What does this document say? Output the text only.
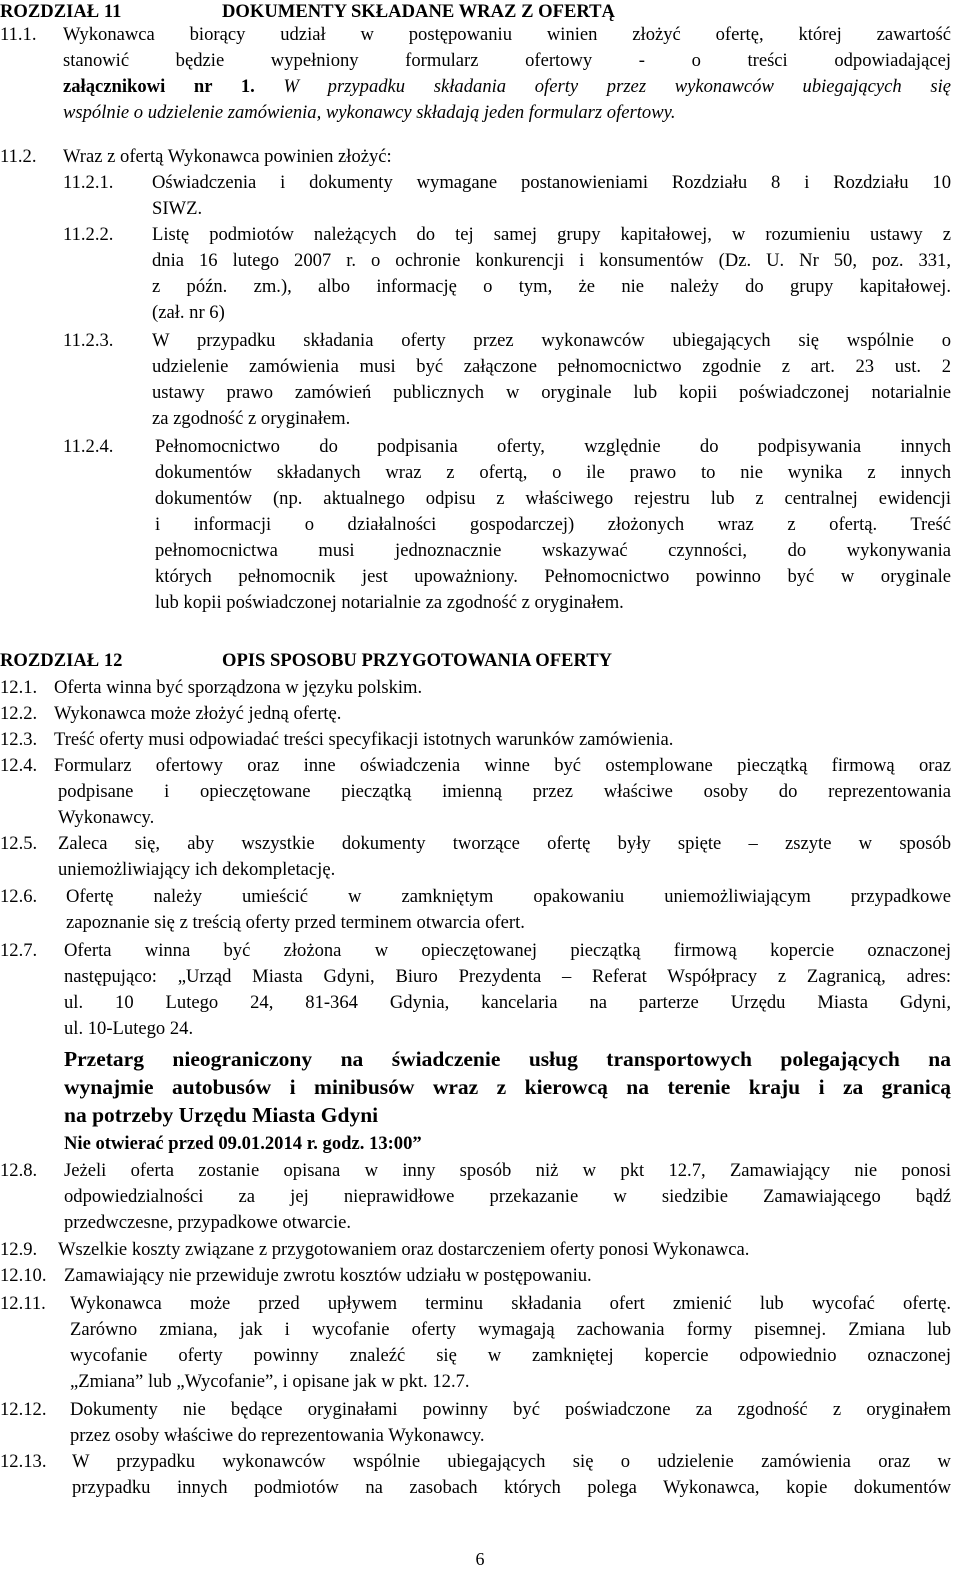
ROZDZIAŁ 11	DOKUMENTY SKŁADANE WRAZ Z OFERTĄ
11.1. Wykonawca biorący udział w postępowaniu winien złożyć ofertę, której zawartość
stanowić będzie wypełniony formularz ofertowy - o treści odpowiadającej
załącznikowi nr 1. W przypadku składania oferty przez wykonawców ubiegających się
wspólnie o udzielenie zamówienia, wykonawcy składają jeden formularz ofertowy.
11.2. Wraz z ofertą Wykonawca powinien złożyć:
11.2.1. Oświadczenia i dokumenty wymagane postanowieniami Rozdziału 8 i Rozdziału 10
SIWZ.
11.2.2. Listę podmiotów należących do tej samej grupy kapitałowej, w rozumieniu ustawy z
dnia 16 lutego 2007 r. o ochronie konkurencji i konsumentów (Dz. U. Nr 50, poz. 331,
z późn. zm.), albo informację o tym, że nie należy do grupy kapitałowej.
(zał. nr 6)
11.2.3. W przypadku składania oferty przez wykonawców ubiegających się wspólnie o
udzielenie zamówienia musi być załączone pełnomocnictwo zgodnie z art. 23 ust. 2
ustawy prawo zamówień publicznych w oryginale lub kopii poświadczonej notarialnie
za zgodność z oryginałem.
11.2.4. Pełnomocnictwo do podpisania oferty, względnie do podpisywania innych
dokumentów składanych wraz z ofertą, o ile prawo to nie wynika z innych
dokumentów (np. aktualnego odpisu z właściwego rejestru lub z centralnej ewidencji
i informacji o działalności gospodarczej) złożonych wraz z ofertą. Treść
pełnomocnictwa musi jednoznacznie wskazywać czynności, do wykonywania
których pełnomocnik jest upoważniony. Pełnomocnictwo powinno być w oryginale
lub kopii poświadczonej notarialnie za zgodność z oryginałem.
ROZDZIAŁ 12	OPIS SPOSOBU PRZYGOTOWANIA OFERTY
12.1. Oferta winna być sporządzona w języku polskim.
12.2. Wykonawca może złożyć jedną ofertę.
12.3. Treść oferty musi odpowiadać treści specyfikacji istotnych warunków zamówienia.
12.4. Formularz ofertowy oraz inne oświadczenia winne być ostemplowane pieczątką firmową oraz
podpisane i opieczętowane pieczątką imienną przez właściwe osoby do reprezentowania
Wykonawcy.
12.5. Zaleca się, aby wszystkie dokumenty tworzące ofertę były spięte – zszyte w sposób
uniemożliwiający ich dekompletację.
12.6. Ofertę należy umieścić w zamkniętym opakowaniu uniemożliwiającym przypadkowe
zapoznanie się z treścią oferty przed terminem otwarcia ofert.
12.7. Oferta winna być złożona w opieczętowanej pieczątką firmową kopercie oznaczonej
następująco: „Urząd Miasta Gdyni, Biuro Prezydenta – Referat Współpracy z Zagranicą, adres:
ul. 10 Lutego 24, 81-364 Gdynia, kancelaria na parterze Urzędu Miasta Gdyni,
ul. 10-Lutego 24.
Przetarg nieograniczony na świadczenie usług transportowych polegających na
wynajmie autobusów i minibusów wraz z kierowcą na terenie kraju i za granicą
na potrzeby Urzędu Miasta Gdyni
Nie otwierać przed 09.01.2014 r. godz. 13:00”
12.8. Jeżeli oferta zostanie opisana w inny sposób niż w pkt 12.7, Zamawiający nie ponosi
odpowiedzialności za jej nieprawidłowe przekazanie w siedzibie Zamawiającego bądź
przedwczesne, przypadkowe otwarcie.
12.9. Wszelkie koszty związane z przygotowaniem oraz dostarczeniem oferty ponosi Wykonawca.
12.10. Zamawiający nie przewiduje zwrotu kosztów udziału w postępowaniu.
12.11. Wykonawca może przed upływem terminu składania ofert zmienić lub wycofać ofertę.
Zarówno zmiana, jak i wycofanie oferty wymagają zachowania formy pisemnej. Zmiana lub
wycofanie oferty powinny znaleźć się w zamkniętej kopercie odpowiednio oznaczonej
„Zmiana” lub „Wycofanie”, i opisane jak w pkt. 12.7.
12.12. Dokumenty nie będące oryginałami powinny być poświadczone za zgodność z oryginałem
przez osoby właściwe do reprezentowania Wykonawcy.
12.13. W przypadku wykonawców wspólnie ubiegających się o udzielenie zamówienia oraz w
przypadku innych podmiotów na zasobach których polega Wykonawca, kopie dokumentów
6
